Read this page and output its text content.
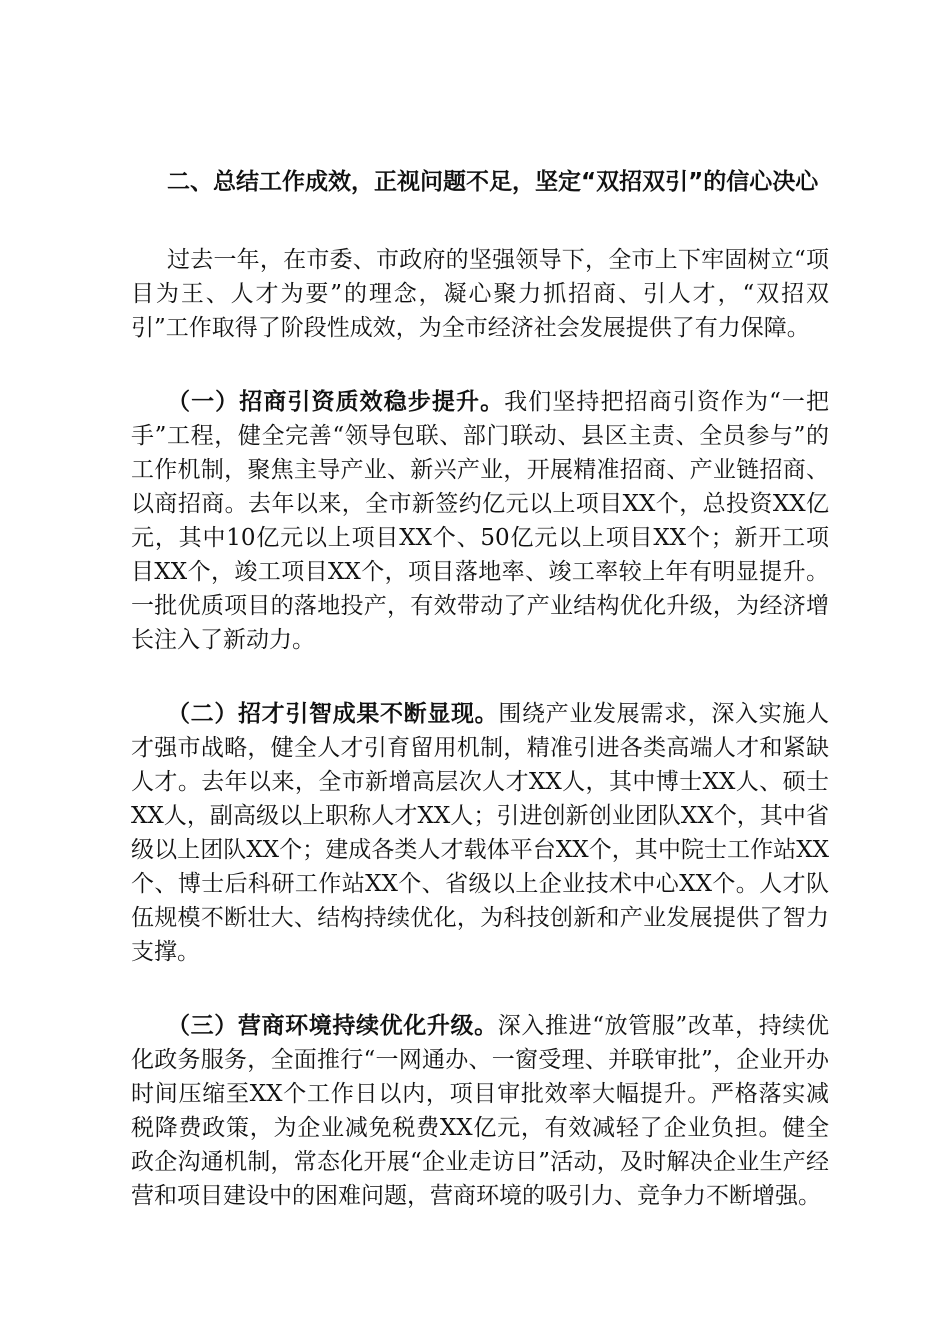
二、总结工作成效，正视问题不足，坚定“双招双引”的信心决心

过去一年，在市委、市政府的坚强领导下，全市上下牢固树立“项目为王、人才为要”的理念，凝心聚力抓招商、引人才，“双招双引”工作取得了阶段性成效，为全市经济社会发展提供了有力保障。

（一）招商引资质效稳步提升。我们坚持把招商引资作为“一把手”工程，健全完善“领导包联、部门联动、县区主责、全员参与”的工作机制，聚焦主导产业、新兴产业，开展精准招商、产业链招商、以商招商。去年以来，全市新签约亿元以上项目XX个，总投资XX亿元，其中10亿元以上项目XX个、50亿元以上项目XX个；新开工项目XX个，竣工项目XX个，项目落地率、竣工率较上年有明显提升。一批优质项目的落地投产，有效带动了产业结构优化升级，为经济增长注入了新动力。

（二）招才引智成果不断显现。围绕产业发展需求，深入实施人才强市战略，健全人才引育留用机制，精准引进各类高端人才和紧缺人才。去年以来，全市新增高层次人才XX人，其中博士XX人、硕士XX人，副高级以上职称人才XX人；引进创新创业团队XX个，其中省级以上团队XX个；建成各类人才载体平台XX个，其中院士工作站XX个、博士后科研工作站XX个、省级以上企业技术中心XX个。人才队伍规模不断壮大、结构持续优化，为科技创新和产业发展提供了智力支撑。

（三）营商环境持续优化升级。深入推进“放管服”改革，持续优化政务服务，全面推行“一网通办、一窗受理、并联审批”，企业开办时间压缩至XX个工作日以内，项目审批效率大幅提升。严格落实减税降费政策，为企业减免税费XX亿元，有效减轻了企业负担。健全政企沟通机制，常态化开展“企业走访日”活动，及时解决企业生产经营和项目建设中的困难问题，营商环境的吸引力、竞争力不断增强。
